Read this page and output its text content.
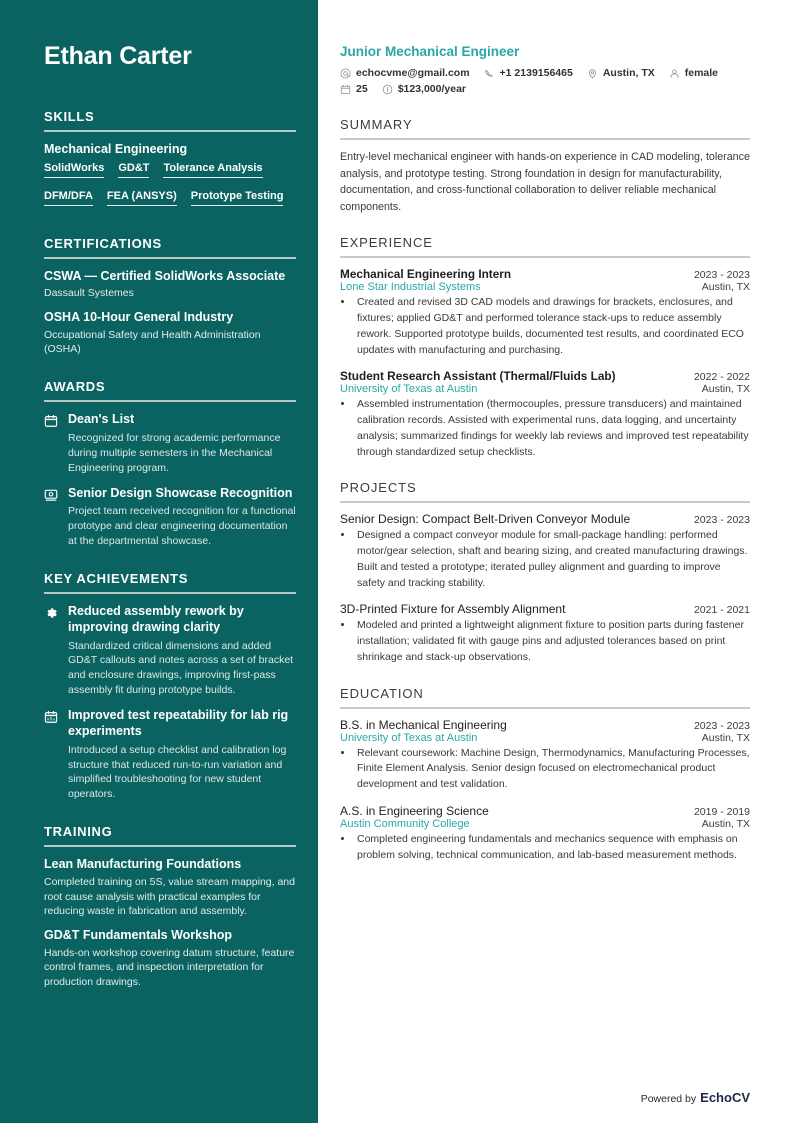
Ethan Carter
SKILLS
Mechanical Engineering
SolidWorks GD&T Tolerance Analysis
DFM/DFA FEA (ANSYS) Prototype Testing
CERTIFICATIONS
CSWA — Certified SolidWorks Associate
Dassault Systemes
OSHA 10-Hour General Industry
Occupational Safety and Health Administration (OSHA)
AWARDS
Dean's List
Recognized for strong academic performance during multiple semesters in the Mechanical Engineering program.
Senior Design Showcase Recognition
Project team received recognition for a functional prototype and clear engineering documentation at the departmental showcase.
KEY ACHIEVEMENTS
Reduced assembly rework by improving drawing clarity
Standardized critical dimensions and added GD&T callouts and notes across a set of bracket and enclosure drawings, improving first-pass assembly fit during prototype builds.
Improved test repeatability for lab rig experiments
Introduced a setup checklist and calibration log structure that reduced run-to-run variation and simplified troubleshooting for new student operators.
TRAINING
Lean Manufacturing Foundations
Completed training on 5S, value stream mapping, and root cause analysis with practical examples for reducing waste in fabrication and assembly.
GD&T Fundamentals Workshop
Hands-on workshop covering datum structure, feature control frames, and inspection interpretation for production drawings.
Junior Mechanical Engineer
echocvme@gmail.com	+1 2139156465	Austin, TX	female
25	$123,000/year
SUMMARY

Entry-level mechanical engineer with hands-on experience in CAD modeling, tolerance analysis, and prototype testing. Strong foundation in design for manufacturability, documentation, and cross-functional collaboration to deliver reliable mechanical components.

EXPERIENCE
Mechanical Engineering Intern	2023 - 2023
Lone Star Industrial Systems	Austin, TX
• Created and revised 3D CAD models and drawings for brackets, enclosures, and fixtures; applied GD&T and performed tolerance stack-ups to reduce assembly rework. Supported prototype builds, documented test results, and coordinated ECO updates with manufacturing and purchasing.
Student Research Assistant (Thermal/Fluids Lab)	2022 - 2022
University of Texas at Austin	Austin, TX
• Assembled instrumentation (thermocouples, pressure transducers) and maintained calibration records. Assisted with experimental runs, data logging, and uncertainty analysis; summarized findings for weekly lab reviews and improved test repeatability through standardized setup checklists.
PROJECTS
Senior Design: Compact Belt-Driven Conveyor Module	2023 - 2023
• Designed a compact conveyor module for small-package handling: performed motor/gear selection, shaft and bearing sizing, and created manufacturing drawings. Built and tested a prototype; iterated pulley alignment and guarding to improve safety and tracking stability.
3D-Printed Fixture for Assembly Alignment	2021 - 2021
• Modeled and printed a lightweight alignment fixture to position parts during fastener installation; validated fit with gauge pins and adjusted tolerances based on print shrinkage and stack-up observations.
EDUCATION
B.S. in Mechanical Engineering	2023 - 2023
University of Texas at Austin	Austin, TX
• Relevant coursework: Machine Design, Thermodynamics, Manufacturing Processes, Finite Element Analysis. Senior design focused on electromechanical product development and test validation.
A.S. in Engineering Science	2019 - 2019
Austin Community College	Austin, TX
• Completed engineering fundamentals and mechanics sequence with emphasis on problem solving, technical communication, and lab-based measurement methods.
Powered by EchoCV
